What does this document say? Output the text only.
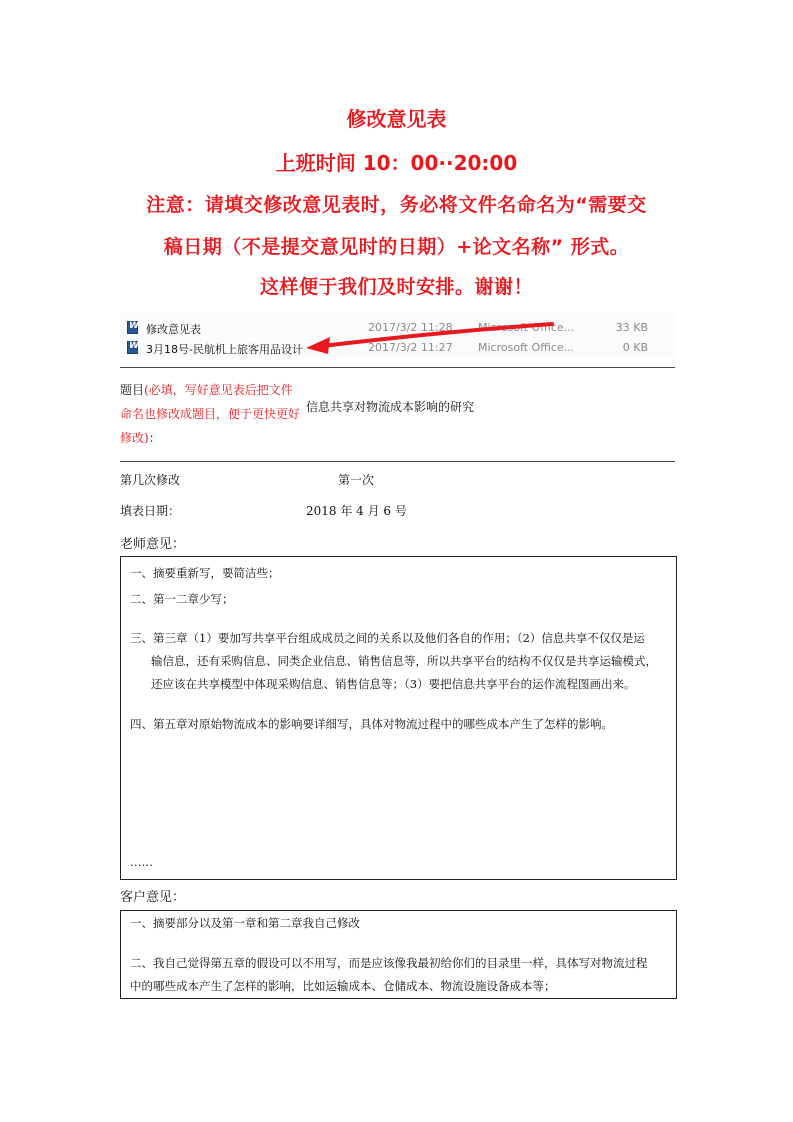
修改意见表
上班时间 10：00··20:00
注意：请填交修改意见表时，务必将文件名命名为“需要交
稿日期（不是提交意见时的日期）+论文名称” 形式。
这样便于我们及时安排。谢谢！
W
修改意见表	2017/3/2 11:28 Microsoft Office...	33 KB
W
3月18号-民航机上旅客用品设计	2017/3/2 11:27 Microsoft Office...	0 KB
题目(必填，写好意见表后把文件命名也修改成题目，便于更快更好修改)：
信息共享对物流成本影响的研究
第几次修改	第一次
填表日期：	2018 年 4 月 6 号
老师意见：
一、摘要重新写，要简洁些；
二、第一二章少写；
三、第三章（1）要加写共享平台组成成员之间的关系以及他们各自的作用；（2）信息共享不仅仅是运
输信息，还有采购信息、同类企业信息、销售信息等，所以共享平台的结构不仅仅是共享运输模式，
还应该在共享模型中体现采购信息、销售信息等；（3）要把信息共享平台的运作流程图画出来。
四、第五章对原始物流成本的影响要详细写，具体对物流过程中的哪些成本产生了怎样的影响。
……
客户意见：
一、摘要部分以及第一章和第二章我自己修改
二、我自己觉得第五章的假设可以不用写，而是应该像我最初给你们的目录里一样，具体写对物流过程
中的哪些成本产生了怎样的影响，比如运输成本、仓储成本、物流设施设备成本等；
